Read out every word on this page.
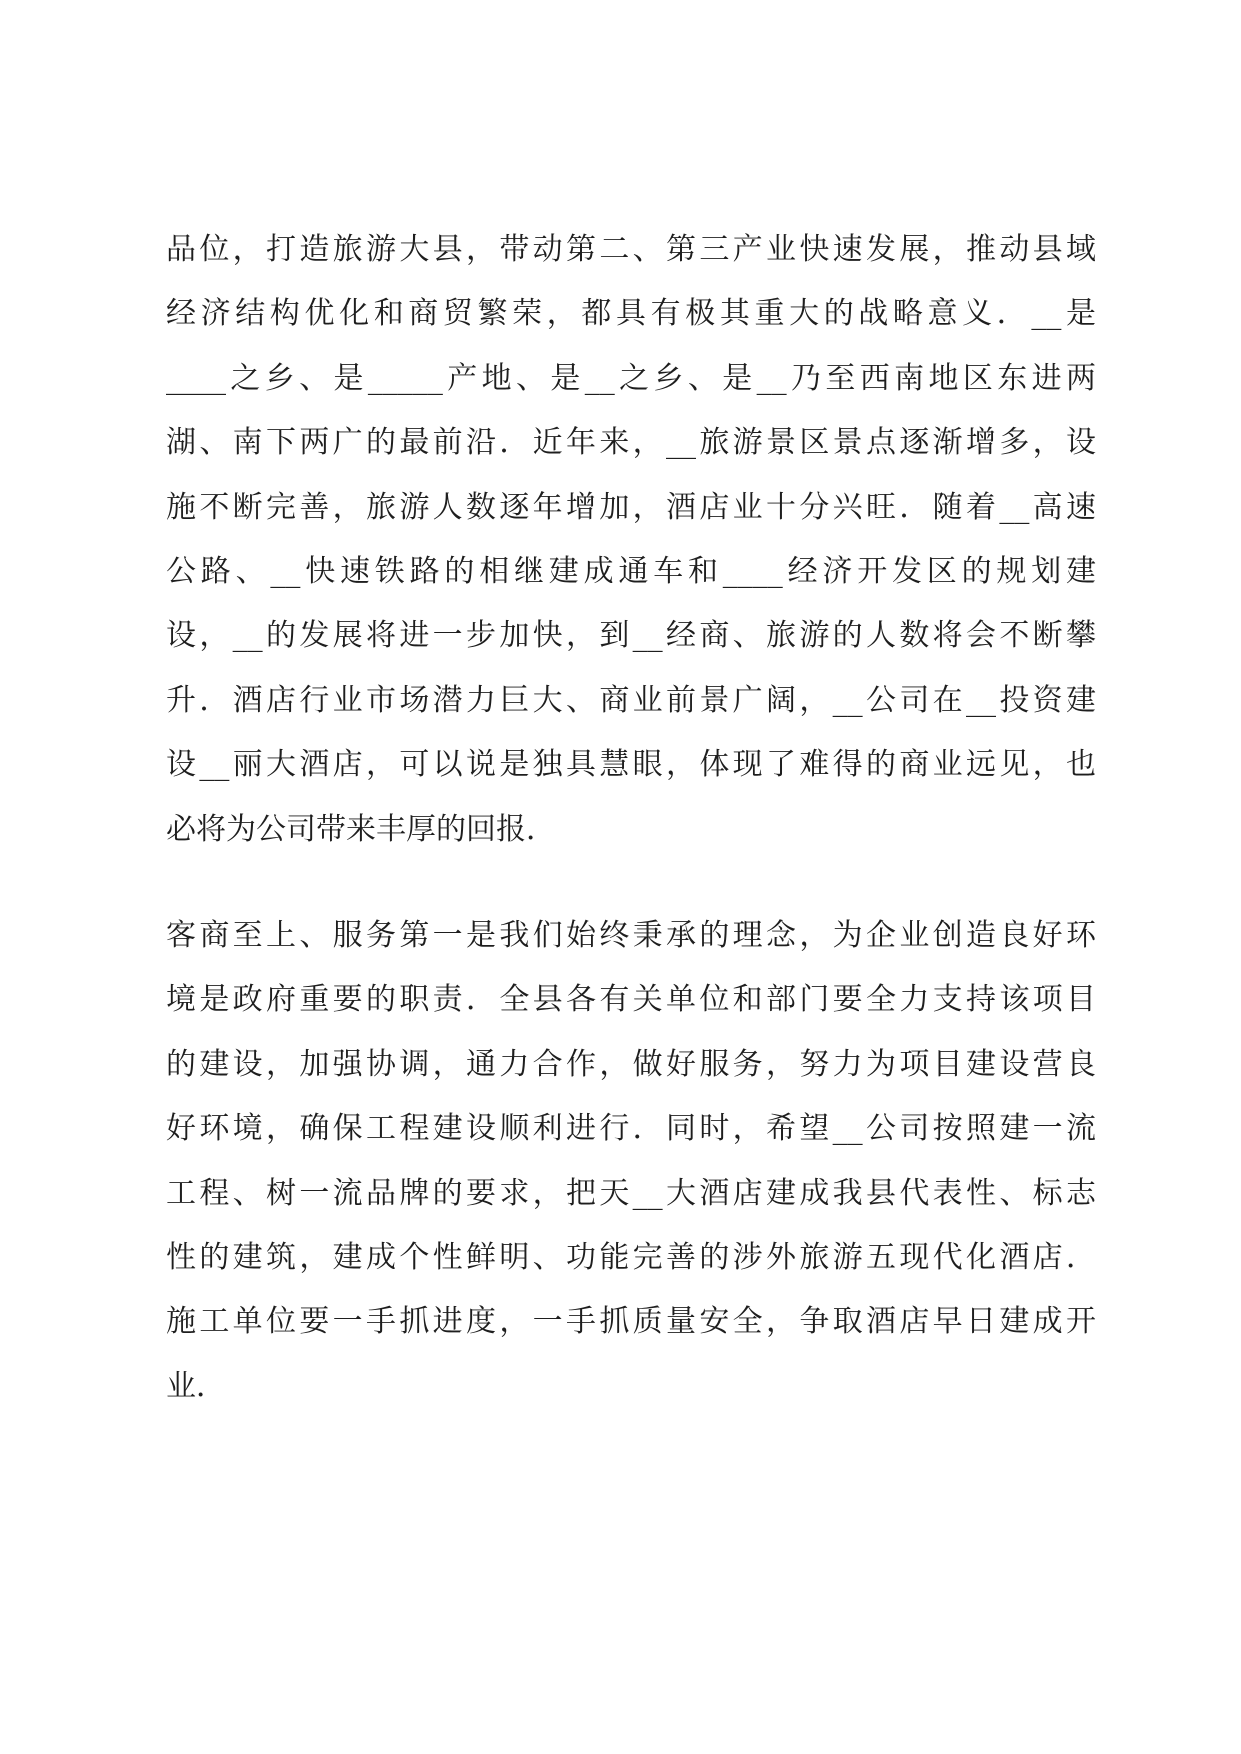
品位，打造旅游大县，带动第二、第三产业快速发展，推动县域
经济结构优化和商贸繁荣，都具有极其重大的战略意义．__是
____之乡、是_____产地、是__之乡、是__乃至西南地区东进两
湖、南下两广的最前沿．近年来，__旅游景区景点逐渐增多，设
施不断完善，旅游人数逐年增加，酒店业十分兴旺．随着__高速
公路、__快速铁路的相继建成通车和____经济开发区的规划建
设，__的发展将进一步加快，到__经商、旅游的人数将会不断攀
升．酒店行业市场潜力巨大、商业前景广阔，__公司在__投资建
设__丽大酒店，可以说是独具慧眼，体现了难得的商业远见，也
必将为公司带来丰厚的回报．
客商至上、服务第一是我们始终秉承的理念，为企业创造良好环
境是政府重要的职责．全县各有关单位和部门要全力支持该项目
的建设，加强协调，通力合作，做好服务，努力为项目建设营良
好环境，确保工程建设顺利进行．同时，希望__公司按照建一流
工程、树一流品牌的要求，把天__大酒店建成我县代表性、标志
性的建筑，建成个性鲜明、功能完善的涉外旅游五现代化酒店．
施工单位要一手抓进度，一手抓质量安全，争取酒店早日建成开
业．
